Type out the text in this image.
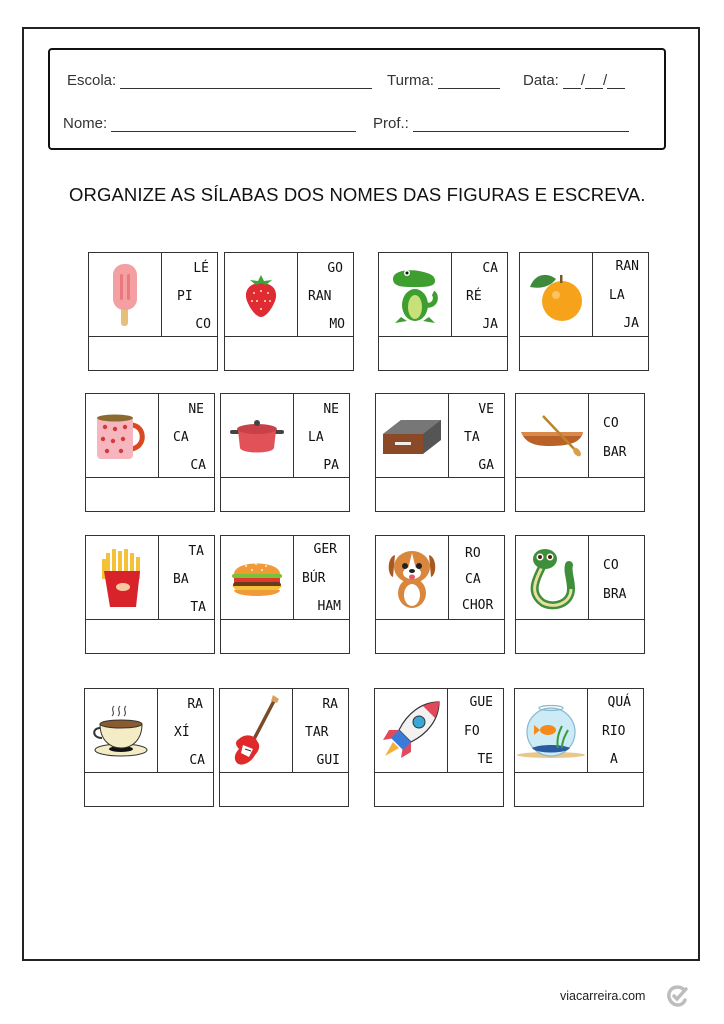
Escola:	Turma:	Data: / /
Nome:	Prof.:
ORGANIZE AS SÍLABAS DOS NOMES DAS FIGURAS E ESCREVA.
LÉ
PI
CO
GO
RAN
MO
CA
RÉ
JA
RAN
LA
JA
NE
CA
CA
NE
LA
PA
VE
TA
GA
CO
BAR
TA
BA
TA
GER
BÚR
HAM
RO
CA
CHOR
CO
BRA
RA
XÍ
CA
RA
TAR
GUI
GUE
FO
TE
QUÁ
RIO
A
viacarreira.com
